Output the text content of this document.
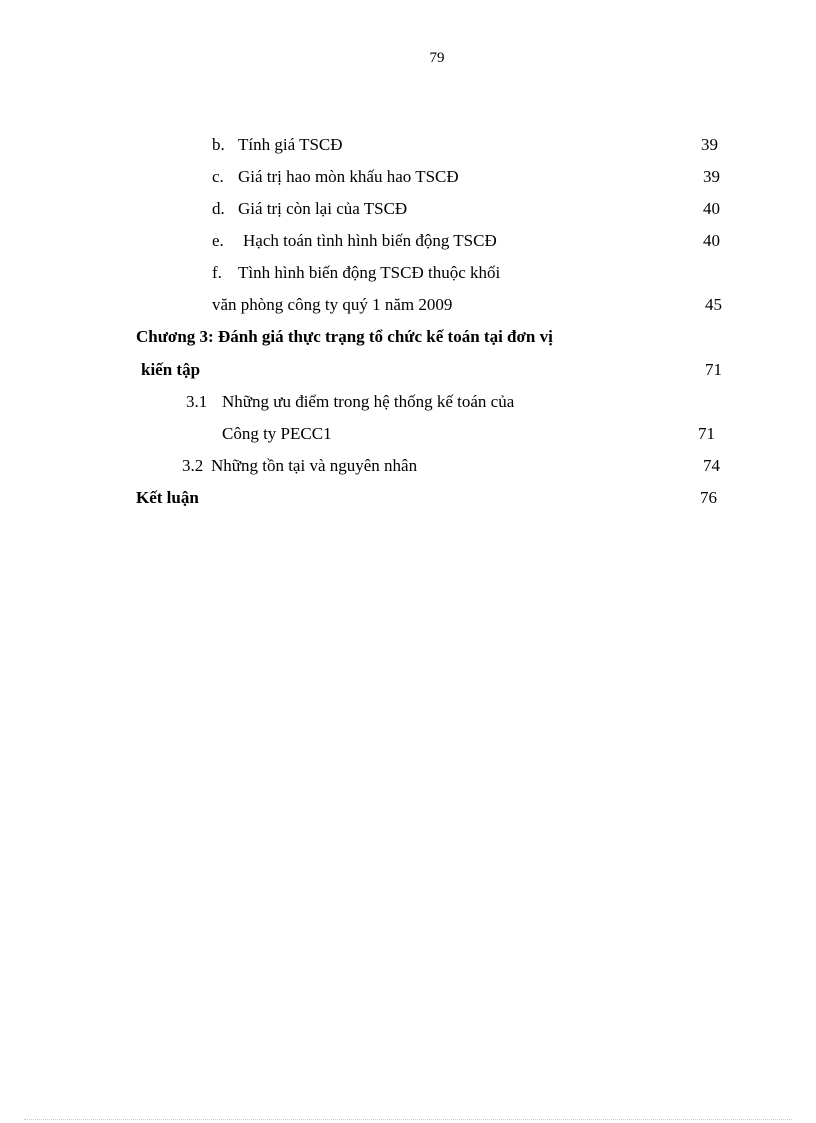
79
b. Tính giá TSCĐ	39
c. Giá trị hao mòn khấu hao TSCĐ	39
d. Giá trị còn lại của TSCĐ	40
e. Hạch toán tình hình biến động TSCĐ	40
f. Tình hình biến động TSCĐ thuộc khối
văn phòng công ty quý 1 năm 2009	45
Chương 3: Đánh giá thực trạng tổ chức kế toán tại đơn vị
kiến tập	71
3.1 Những ưu điểm trong hệ thống kế toán của
Công ty PECC1	71
3.2 Những tồn tại và nguyên nhân	74
Kết luận	76
